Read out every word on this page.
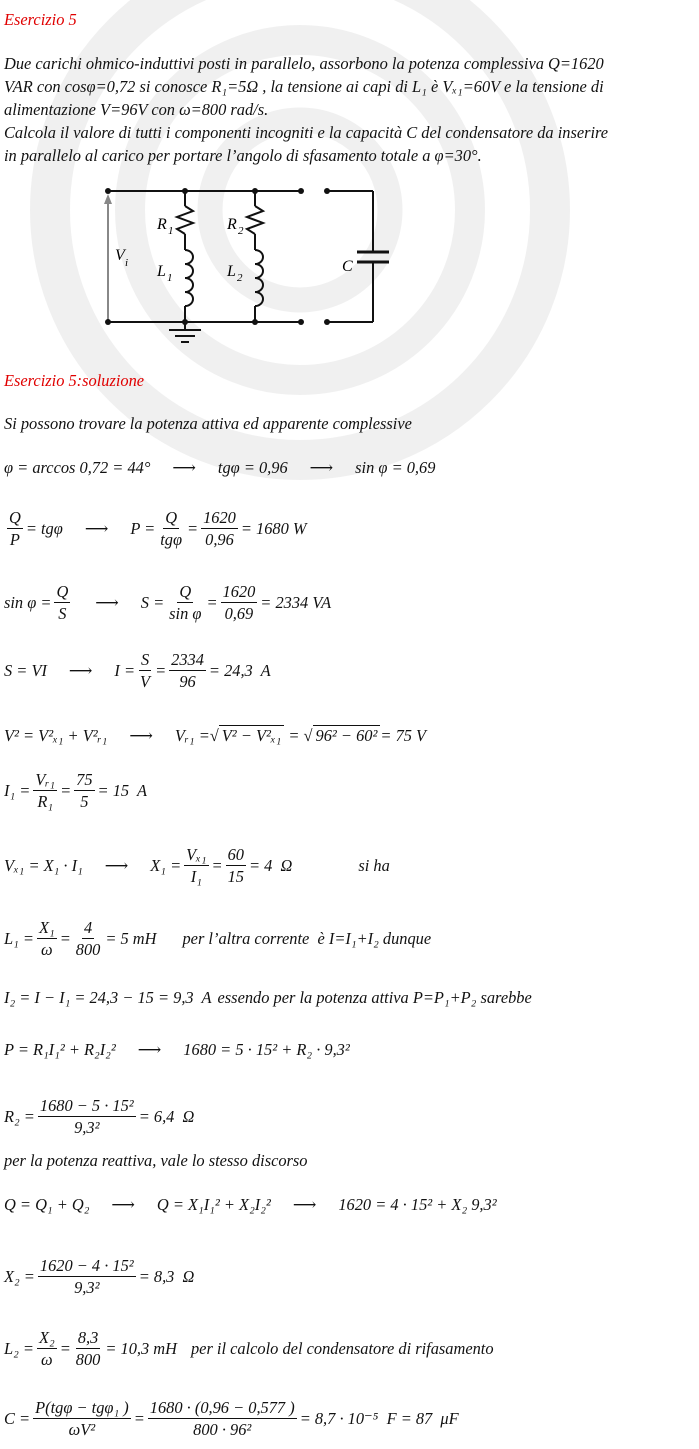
Esercizio 5
Due carichi ohmico-induttivi posti in parallelo, assorbono la potenza complessiva Q=1620
VAR con cosφ=0,72 si conosce R₁=5Ω , la tensione ai capi di L₁ è Vₓ₁=60V e la tensione di
alimentazione V=96V con ω=800 rad/s.
Calcola il valore di tutti i componenti incogniti e la capacità C del condensatore da inserire
in parallelo al carico per portare l’angolo di sfasamento totale a φ=30°.
V i
R 1
L 1
R 2
L 2
C
Esercizio 5:soluzione
Si possono trovare la potenza attiva ed apparente complessive
φ = arccos 0,72 = 44° ⟶ tgφ = 0,96 ⟶ sin φ = 0,69
$\frac{Q}{P} = tg\varphi$ ⟶ $P = \frac{Q}{\text{tgφ}} = \frac{1620}{0,96} = 1680$ W
$\sin \varphi = \frac{Q}{S}$ ⟶ $S = \frac{Q}{\text{sin φ}} = \frac{1620}{0,69} = 2334$ VA
S = VI ⟶ $I = \frac{S}{V} = \frac{2334}{96} = 24,3$  A
V² = V²ₓ₁ + V²ᵣ₁ ⟶ Vᵣ₁ = √ V² − V²ₓ₁ = √ 96² − 60² = 75 V
$I_1 = \frac{\text{Vᵣ₁}}{\text{R₁}} = \frac{75}{5} = 15$  A
Vₓ₁ = X₁ · I₁ ⟶ $X_1 = \frac{\text{Vₓ₁}}{\text{I₁}} = \frac{60}{15} = 4$  Ω	si ha
$L_1 = \frac{\text{X₁}}{\omega} = \frac{4}{800} = 5$ mH per l’altra corrente  è I=I₁+I₂ dunque
I₂ = I − I₁ = 24,3 − 15 = 9,3  A essendo per la potenza attiva P=P₁+P₂ sarebbe
P = R₁I₁² + R₂I₂² ⟶ 1680 = 5 · 15² + R₂ · 9,3²
$R_2 = \frac{\text{1680 − 5 · 15²}}{\text{9,3²}} = 6,4$  Ω
per la potenza reattiva, vale lo stesso discorso
Q = Q₁ + Q₂ ⟶ Q = X₁I₁² + X₂I₂² ⟶ 1620 = 4 · 15² + X₂ 9,3²
$X_2 = \frac{\text{1620 − 4 · 15²}}{\text{9,3²}} = 8,3$  Ω
$L_2 = \frac{\text{X₂}}{\omega} = \frac{8,3}{800} = 10,3$ mH per il calcolo del condensatore di rifasamento
$C = \frac{\text{P(tgφ − tgφ₁ )}}{\text{ωV²}} = \frac{1680 \cdot (0,96 - 0,577 )}{\text{800 · 96²}} = 8,7 \cdot 10^{-5}$  F = 87  μF
